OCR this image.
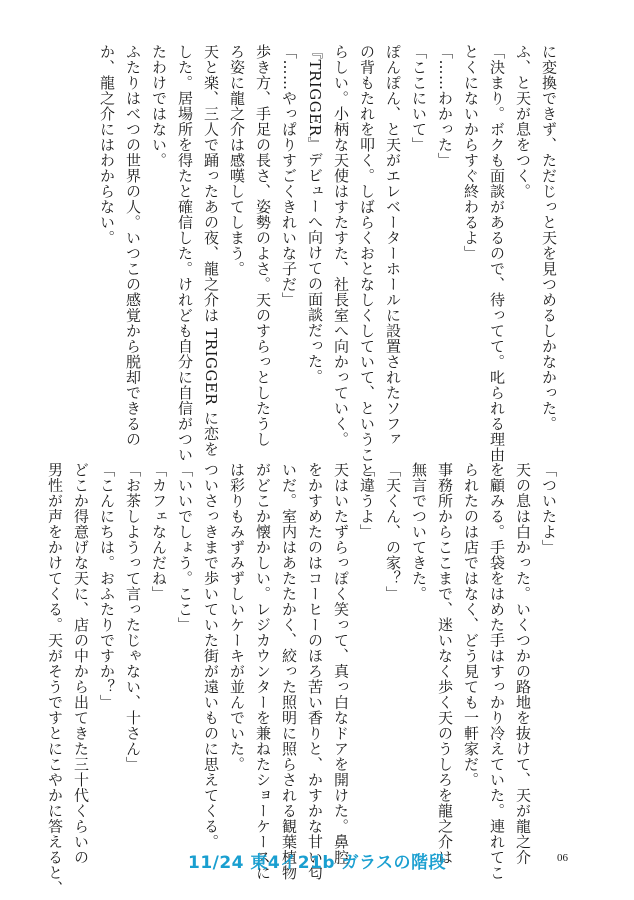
に変換できず、ただじっと天を見つめるしかなかった。
ふ、と天が息をつく。
「決まり。ボクも面談があるので、待ってて。叱られる理由
とくにないからすぐ終わるよ」
「……わかった」
「ここにいて」
ぽんぽん、と天がエレベーターホールに設置されたソファ
の背もたれを叩く。しばらくおとなしくしていて、ということ
らしい。小柄な天使はすたすた、社長室へ向かっていく。
『TRIGGER』デビューへ向けての面談だった。
「……やっぱりすごくきれいな子だ」
歩き方、手足の長さ、姿勢のよさ。天のすらっとしたうし
ろ姿に龍之介は感嘆してしまう。
天と楽、三人で踊ったあの夜、龍之介は TRIGGER に恋を
した。居場所を得たと確信した。けれども自分に自信がつい
たわけではない。
ふたりはべつの世界の人。いつこの感覚から脱却できるの
か、龍之介にはわからない。
「ついたよ」
天の息は白かった。いくつかの路地を抜けて、天が龍之介
を顧みる。手袋をはめた手はすっかり冷えていた。連れてこ
られたのは店ではなく、どう見ても一軒家だ。
事務所からここまで、迷いなく歩く天のうしろを龍之介は
無言でついてきた。
「天くん、の家？」
「違うよ」
天はいたずらっぽく笑って、真っ白なドアを開けた。鼻腔
をかすめたのはコーヒーのほろ苦い香りと、かすかな甘い匂
いだ。室内はあたたかく、絞った照明に照らされる観葉植物
がどこか懐かしい。レジカウンターを兼ねたショーケースに
は彩りもみずみずしいケーキが並んでいた。
ついさっきまで歩いていた街が遠いものに思えてくる。
「いいでしょう。ここ」
「カフェなんだね」
「お茶しようって言ったじゃない、十さん」
「こんにちは。おふたりですか？」
どこか得意げな天に、店の中から出てきた三十代くらいの
男性が声をかけてくる。天がそうですとにこやかに答えると、	11/24 東4イ21b ガラスの階段	06
